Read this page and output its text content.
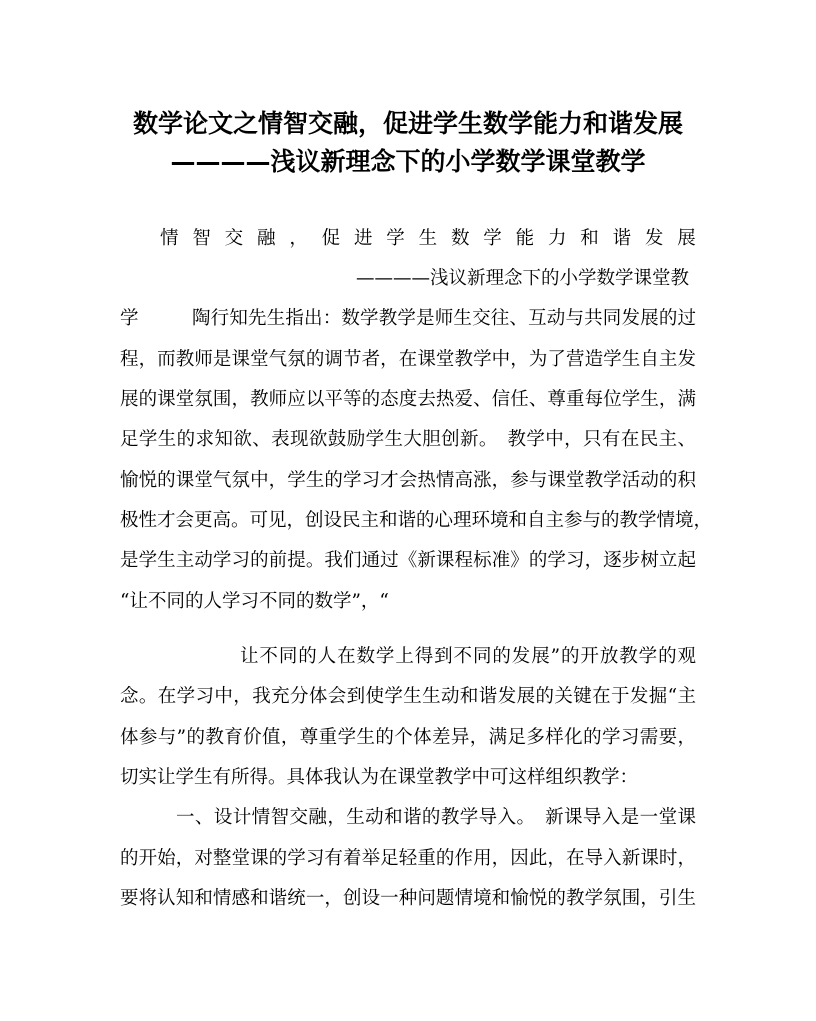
数学论文之情智交融，促进学生数学能力和谐发展
————浅议新理念下的小学数学课堂教学
情 智 交 融 ， 促 进 学 生 数 学 能 力 和 谐 发 展
————浅议新理念下的小学数学课堂教
学	陶行知先生指出：数学教学是师生交往、互动与共同发展的过
程，而教师是课堂气氛的调节者，在课堂教学中，为了营造学生自主发
展的课堂氛围，教师应以平等的态度去热爱、信任、尊重每位学生，满
足学生的求知欲、表现欲鼓励学生大胆创新。　教学中，只有在民主、
愉悦的课堂气氛中，学生的学习才会热情高涨，参与课堂教学活动的积
极性才会更高。可见，创设民主和谐的心理环境和自主参与的教学情境，
是学生主动学习的前提。我们通过《新课程标准》的学习，逐步树立起
“让不同的人学习不同的数学”，“
让不同的人在数学上得到不同的发展”的开放教学的观
念。在学习中，我充分体会到使学生生动和谐发展的关键在于发掘“主
体参与”的教育价值，尊重学生的个体差异，满足多样化的学习需要，
切实让学生有所得。具体我认为在课堂教学中可这样组织教学：
一、设计情智交融，生动和谐的教学导入。　新课导入是一堂课
的开始，对整堂课的学习有着举足轻重的作用，因此，在导入新课时，
要将认知和情感和谐统一，创设一种问题情境和愉悦的教学氛围，引生
